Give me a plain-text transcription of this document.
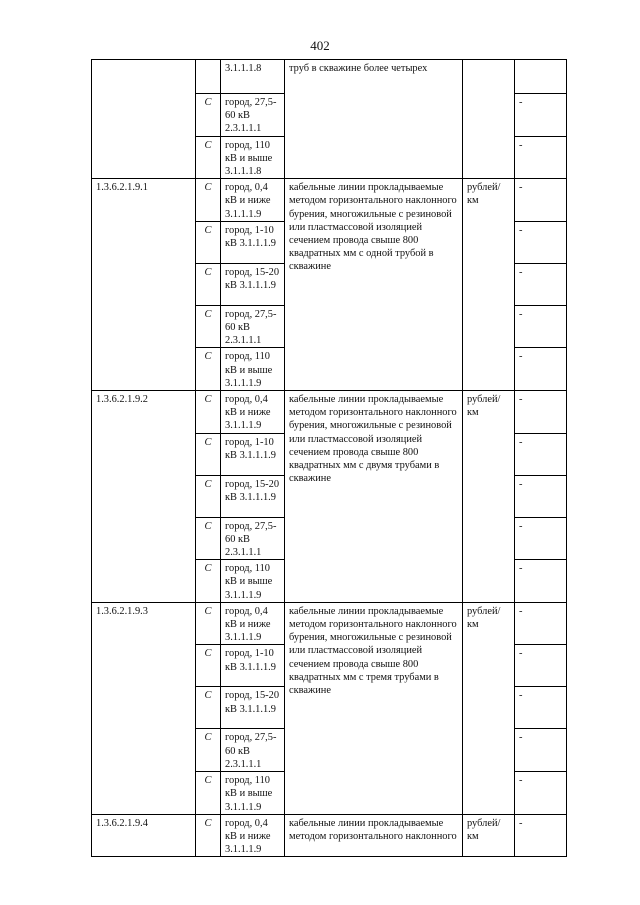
402
		3.1.1.1.8	труб в скважине более четырех		
	С	город, 27,5-60 кВ 2.3.1.1.1			-
	С	город, 110 кВ и выше 3.1.1.1.8			-
1.3.6.2.1.9.1	С	город, 0,4 кВ и ниже 3.1.1.1.9	кабельные линии прокладываемые методом горизонтального наклонного бурения, многожильные с резиновой или пластмассовой изоляцией сечением провода свыше 800 квадратных мм с одной трубой в скважине	рублей/км	-
	С	город, 1-10 кВ 3.1.1.1.9			-
	С	город, 15-20 кВ 3.1.1.1.9			-
	С	город, 27,5-60 кВ 2.3.1.1.1			-
	С	город, 110 кВ и выше 3.1.1.1.9			-
1.3.6.2.1.9.2	С	город, 0,4 кВ и ниже 3.1.1.1.9	кабельные линии прокладываемые методом горизонтального наклонного бурения, многожильные с резиновой или пластмассовой изоляцией сечением провода свыше 800 квадратных мм с двумя трубами в скважине	рублей/км	-
	С	город, 1-10 кВ 3.1.1.1.9			-
	С	город, 15-20 кВ 3.1.1.1.9			-
	С	город, 27,5-60 кВ 2.3.1.1.1			-
	С	город, 110 кВ и выше 3.1.1.1.9			-
1.3.6.2.1.9.3	С	город, 0,4 кВ и ниже 3.1.1.1.9	кабельные линии прокладываемые методом горизонтального наклонного бурения, многожильные с резиновой или пластмассовой изоляцией сечением провода свыше 800 квадратных мм с тремя трубами в скважине	рублей/км	-
	С	город, 1-10 кВ 3.1.1.1.9			-
	С	город, 15-20 кВ 3.1.1.1.9			-
	С	город, 27,5-60 кВ 2.3.1.1.1			-
	С	город, 110 кВ и выше 3.1.1.1.9			-
1.3.6.2.1.9.4	С	город, 0,4 кВ и ниже 3.1.1.1.9	кабельные линии прокладываемые методом горизонтального наклонного	рублей/км	-
